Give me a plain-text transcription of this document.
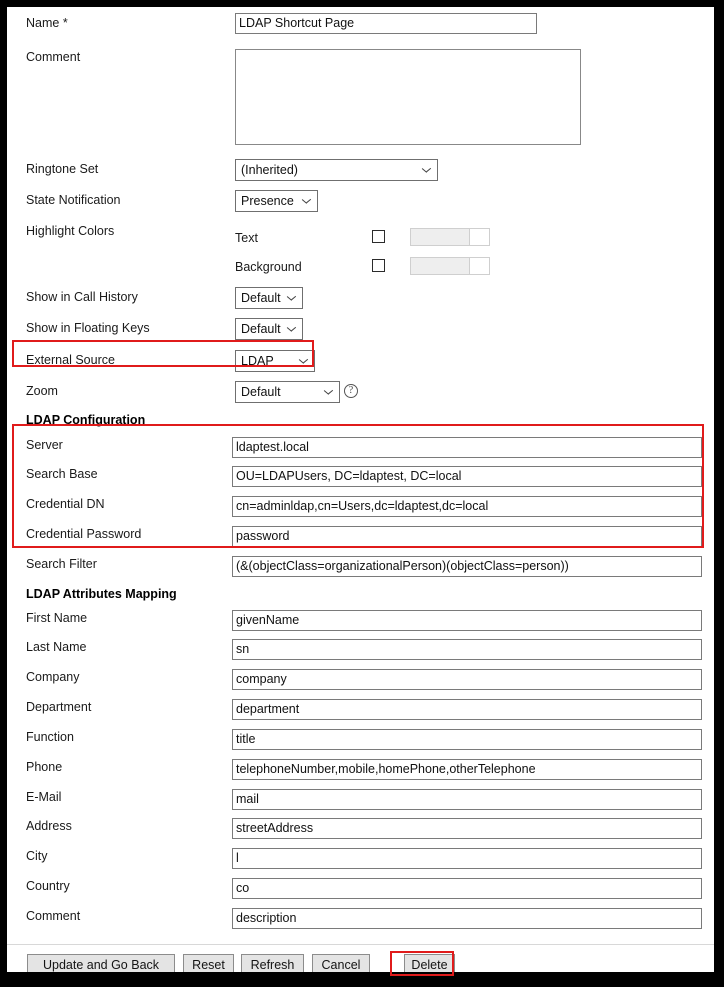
Name *	LDAP Shortcut Page
Comment
Ringtone Set	(Inherited)
State Notification	Presence
Highlight Colors	Text
Background
Show in Call History	Default
Show in Floating Keys	Default
External Source	LDAP
Zoom	Default	?
LDAP Configuration
Server	ldaptest.local
Search Base	OU=LDAPUsers, DC=ldaptest, DC=local
Credential DN	cn=adminldap,cn=Users,dc=ldaptest,dc=local
Credential Password	password
Search Filter	(&(objectClass=organizationalPerson)(objectClass=person))
LDAP Attributes Mapping
First Name	givenName
Last Name	sn
Company	company
Department	department
Function	title
Phone	telephoneNumber,mobile,homePhone,otherTelephone
E-Mail	mail
Address	streetAddress
City	l
Country	co
Comment	description
Update and Go Back	Reset	Refresh	Cancel	Delete
